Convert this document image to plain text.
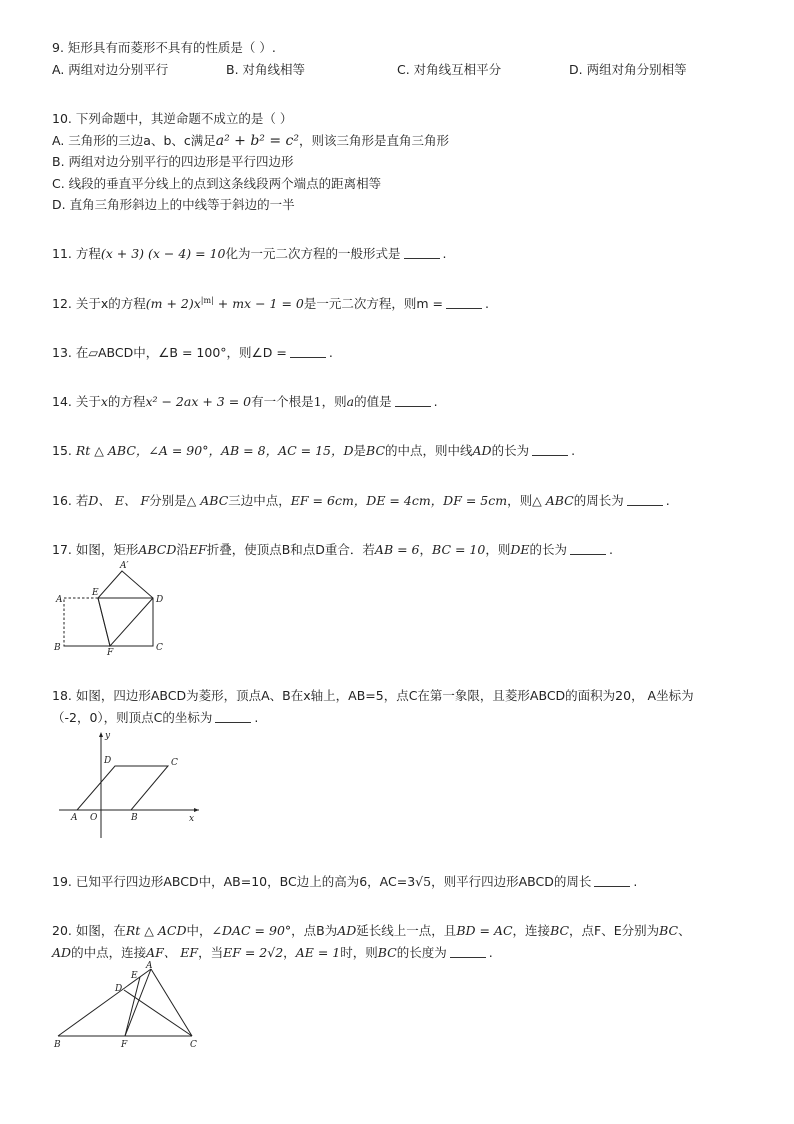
9. 矩形具有而菱形不具有的性质是（ ）.
A. 两组对边分别平行	B. 对角线相等	C. 对角线互相平分	D. 两组对角分别相等
10. 下列命题中，其逆命题不成立的是（ ）
A. 三角形的三边a、b、c满足a² + b² = c²，则该三角形是直角三角形
B. 两组对边分别平行的四边形是平行四边形
C. 线段的垂直平分线上的点到这条线段两个端点的距离相等
D. 直角三角形斜边上的中线等于斜边的一半
11. 方程(x + 3) (x − 4) = 10化为一元二次方程的一般形式是	.
12. 关于x的方程$(m + 2)x^{|m|}$ + mx − 1 = 0是一元二次方程，则m =	.
13. 在▱ABCD中，∠B = 100°，则∠D =	.
14. 关于x的方程x² − 2ax + 3 = 0有一个根是1，则a的值是	.
15. Rt △ ABC，∠A = 90°，AB = 8，AC = 15，D是BC的中点，则中线AD的长为	.
16. 若D、 E、 F分别是△ ABC三边中点，EF = 6cm，DE = 4cm，DF = 5cm，则△ ABC的周长为	.
17. 如图，矩形ABCD沿EF折叠，使顶点B和点D重合．若AB = 6，BC = 10，则DE的长为	.
A
A′
B	C
D
E
F
18. 如图，四边形ABCD为菱形，顶点A、B在x轴上，AB=5，点C在第一象限，且菱形ABCD的面积为20， A坐标为
（-2，0），则顶点C的坐标为	.
y
x
A O	B
C
D
19. 已知平行四边形ABCD中，AB=10，BC边上的高为6，AC=3√5，则平行四边形ABCD的周长	.
20. 如图，在Rt △ ACD中，∠DAC = 90°，点B为AD延长线上一点，且BD = AC，连接BC，点F、E分别为BC、
AD的中点，连接AF、 EF，当EF = 2√2，AE = 1时，则BC的长度为	.
A
B	C
D
E
F
